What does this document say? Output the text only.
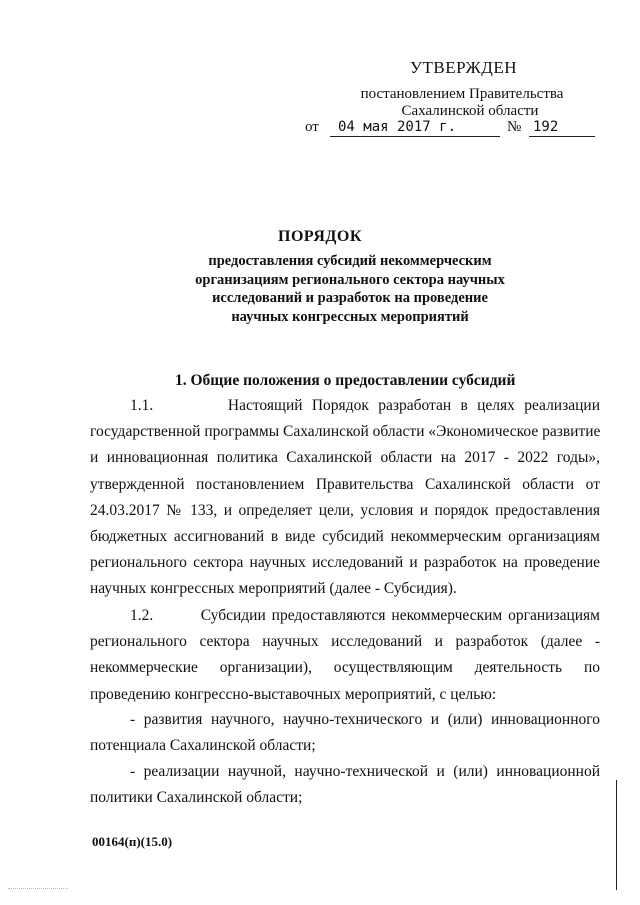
УТВЕРЖДЕН
постановлением Правительства
Сахалинской области
от	04 мая 2017 г.	№ 192
ПОРЯДОК
предоставления субсидий некоммерческим
организациям регионального сектора научных
исследований и разработок на проведение
научных конгрессных мероприятий
1. Общие положения о предоставлении субсидий
1.1.        Настоящий Порядок разработан в целях реализации
государственной программы Сахалинской области «Экономическое развитие
и инновационная политика Сахалинской области на 2017 - 2022 годы»,
утвержденной постановлением Правительства Сахалинской области от
24.03.2017 № 133, и определяет цели, условия и порядок предоставления
бюджетных ассигнований в виде субсидий некоммерческим организациям
регионального сектора научных исследований и разработок на проведение
научных конгрессных мероприятий (далее - Субсидия).
1.2.        Субсидии предоставляются некоммерческим организациям
регионального сектора научных исследований и разработок (далее -
некоммерческие организации), осуществляющим деятельность по
проведению конгрессно-выставочных мероприятий, с целью:
- развития научного, научно-технического и (или) инновационного
потенциала Сахалинской области;
- реализации научной, научно-технической и (или) инновационной
политики Сахалинской области;
00164(п)(15.0)
